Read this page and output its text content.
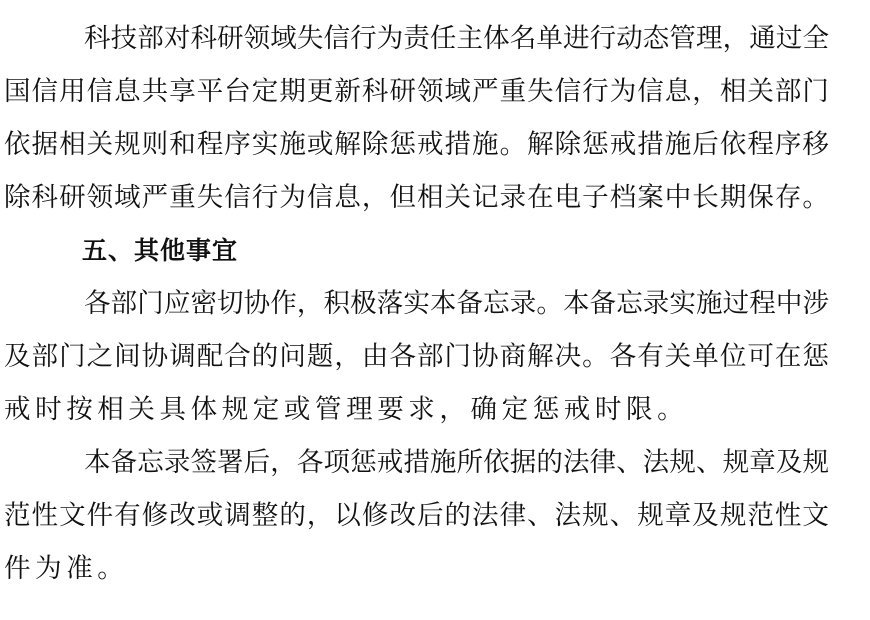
科 技 部 对 科 研 领 域 失 信 行 为 责 任 主 体 名 单 进 行 动 态 管 理 ， 通 过 全
国 信 用 信 息 共 享 平 台 定 期 更 新 科 研 领 域 严 重 失 信 行 为 信 息 ， 相 关 部 门
依 据 相 关 规 则 和 程 序 实 施 或 解 除 惩 戒 措 施 。 解 除 惩 戒 措 施 后 依 程 序 移
除 科 研 领 域 严 重 失 信 行 为 信 息 ， 但 相 关 记 录 在 电 子 档 案 中 长 期 保 存 。
五、其他事宜
各 部 门 应 密 切 协 作 ， 积 极 落 实 本 备 忘 录 。 本 备 忘 录 实 施 过 程 中 涉
及 部 门 之 间 协 调 配 合 的 问 题 ， 由 各 部 门 协 商 解 决 。 各 有 关 单 位 可 在 惩
戒时按相关具体规定或管理要求，确定惩戒时限。
本 备 忘 录 签 署 后 ， 各 项 惩 戒 措 施 所 依 据 的 法 律 、 法 规 、 规 章 及 规
范 性 文 件 有 修 改 或 调 整 的 ， 以 修 改 后 的 法 律 、 法 规 、 规 章 及 规 范 性 文
件为准。
